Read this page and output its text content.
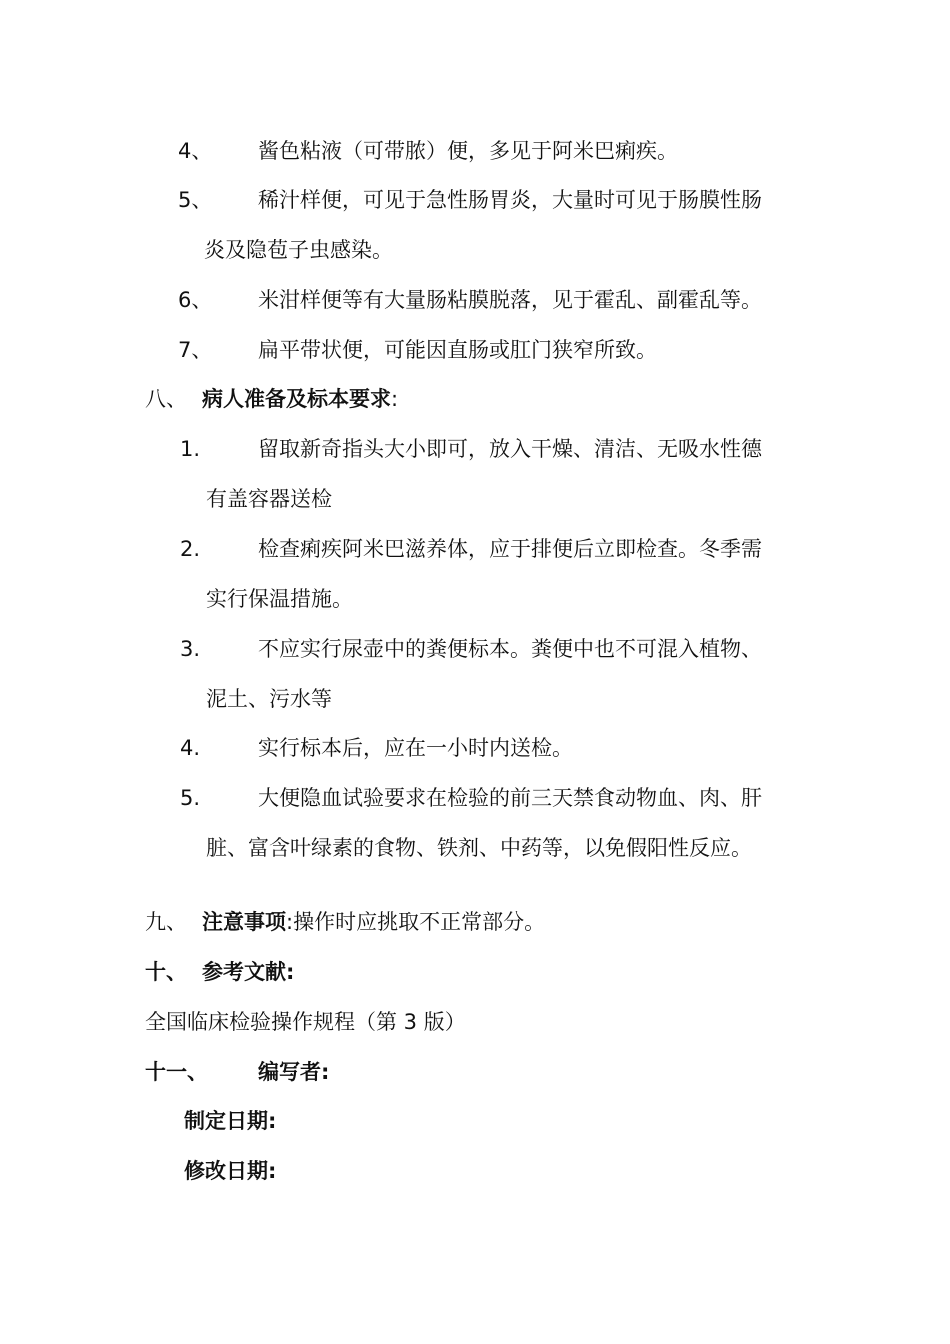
4、 酱色粘液（可带脓）便，多见于阿米巴痢疾。
5、 稀汁样便，可见于急性肠胃炎，大量时可见于肠膜性肠
炎及隐苞子虫感染。
6、 米泔样便等有大量肠粘膜脱落，见于霍乱、副霍乱等。
7、 扁平带状便，可能因直肠或肛门狭窄所致。
八、 病人准备及标本要求:
1.	留取新奇指头大小即可，放入干燥、清洁、无吸水性德
有盖容器送检
2.	检查痢疾阿米巴滋养体，应于排便后立即检查。冬季需
实行保温措施。
3.	不应实行尿壶中的粪便标本。粪便中也不可混入植物、
泥土、污水等
4.	实行标本后，应在一小时内送检。
5.	大便隐血试验要求在检验的前三天禁食动物血、肉、肝
脏、富含叶绿素的食物、铁剂、中药等，以免假阳性反应。
九、 注意事项:操作时应挑取不正常部分。
十、 参考文献:
全国临床检验操作规程（第 3 版）
十一、 编写者:
制定日期:
修改日期:
